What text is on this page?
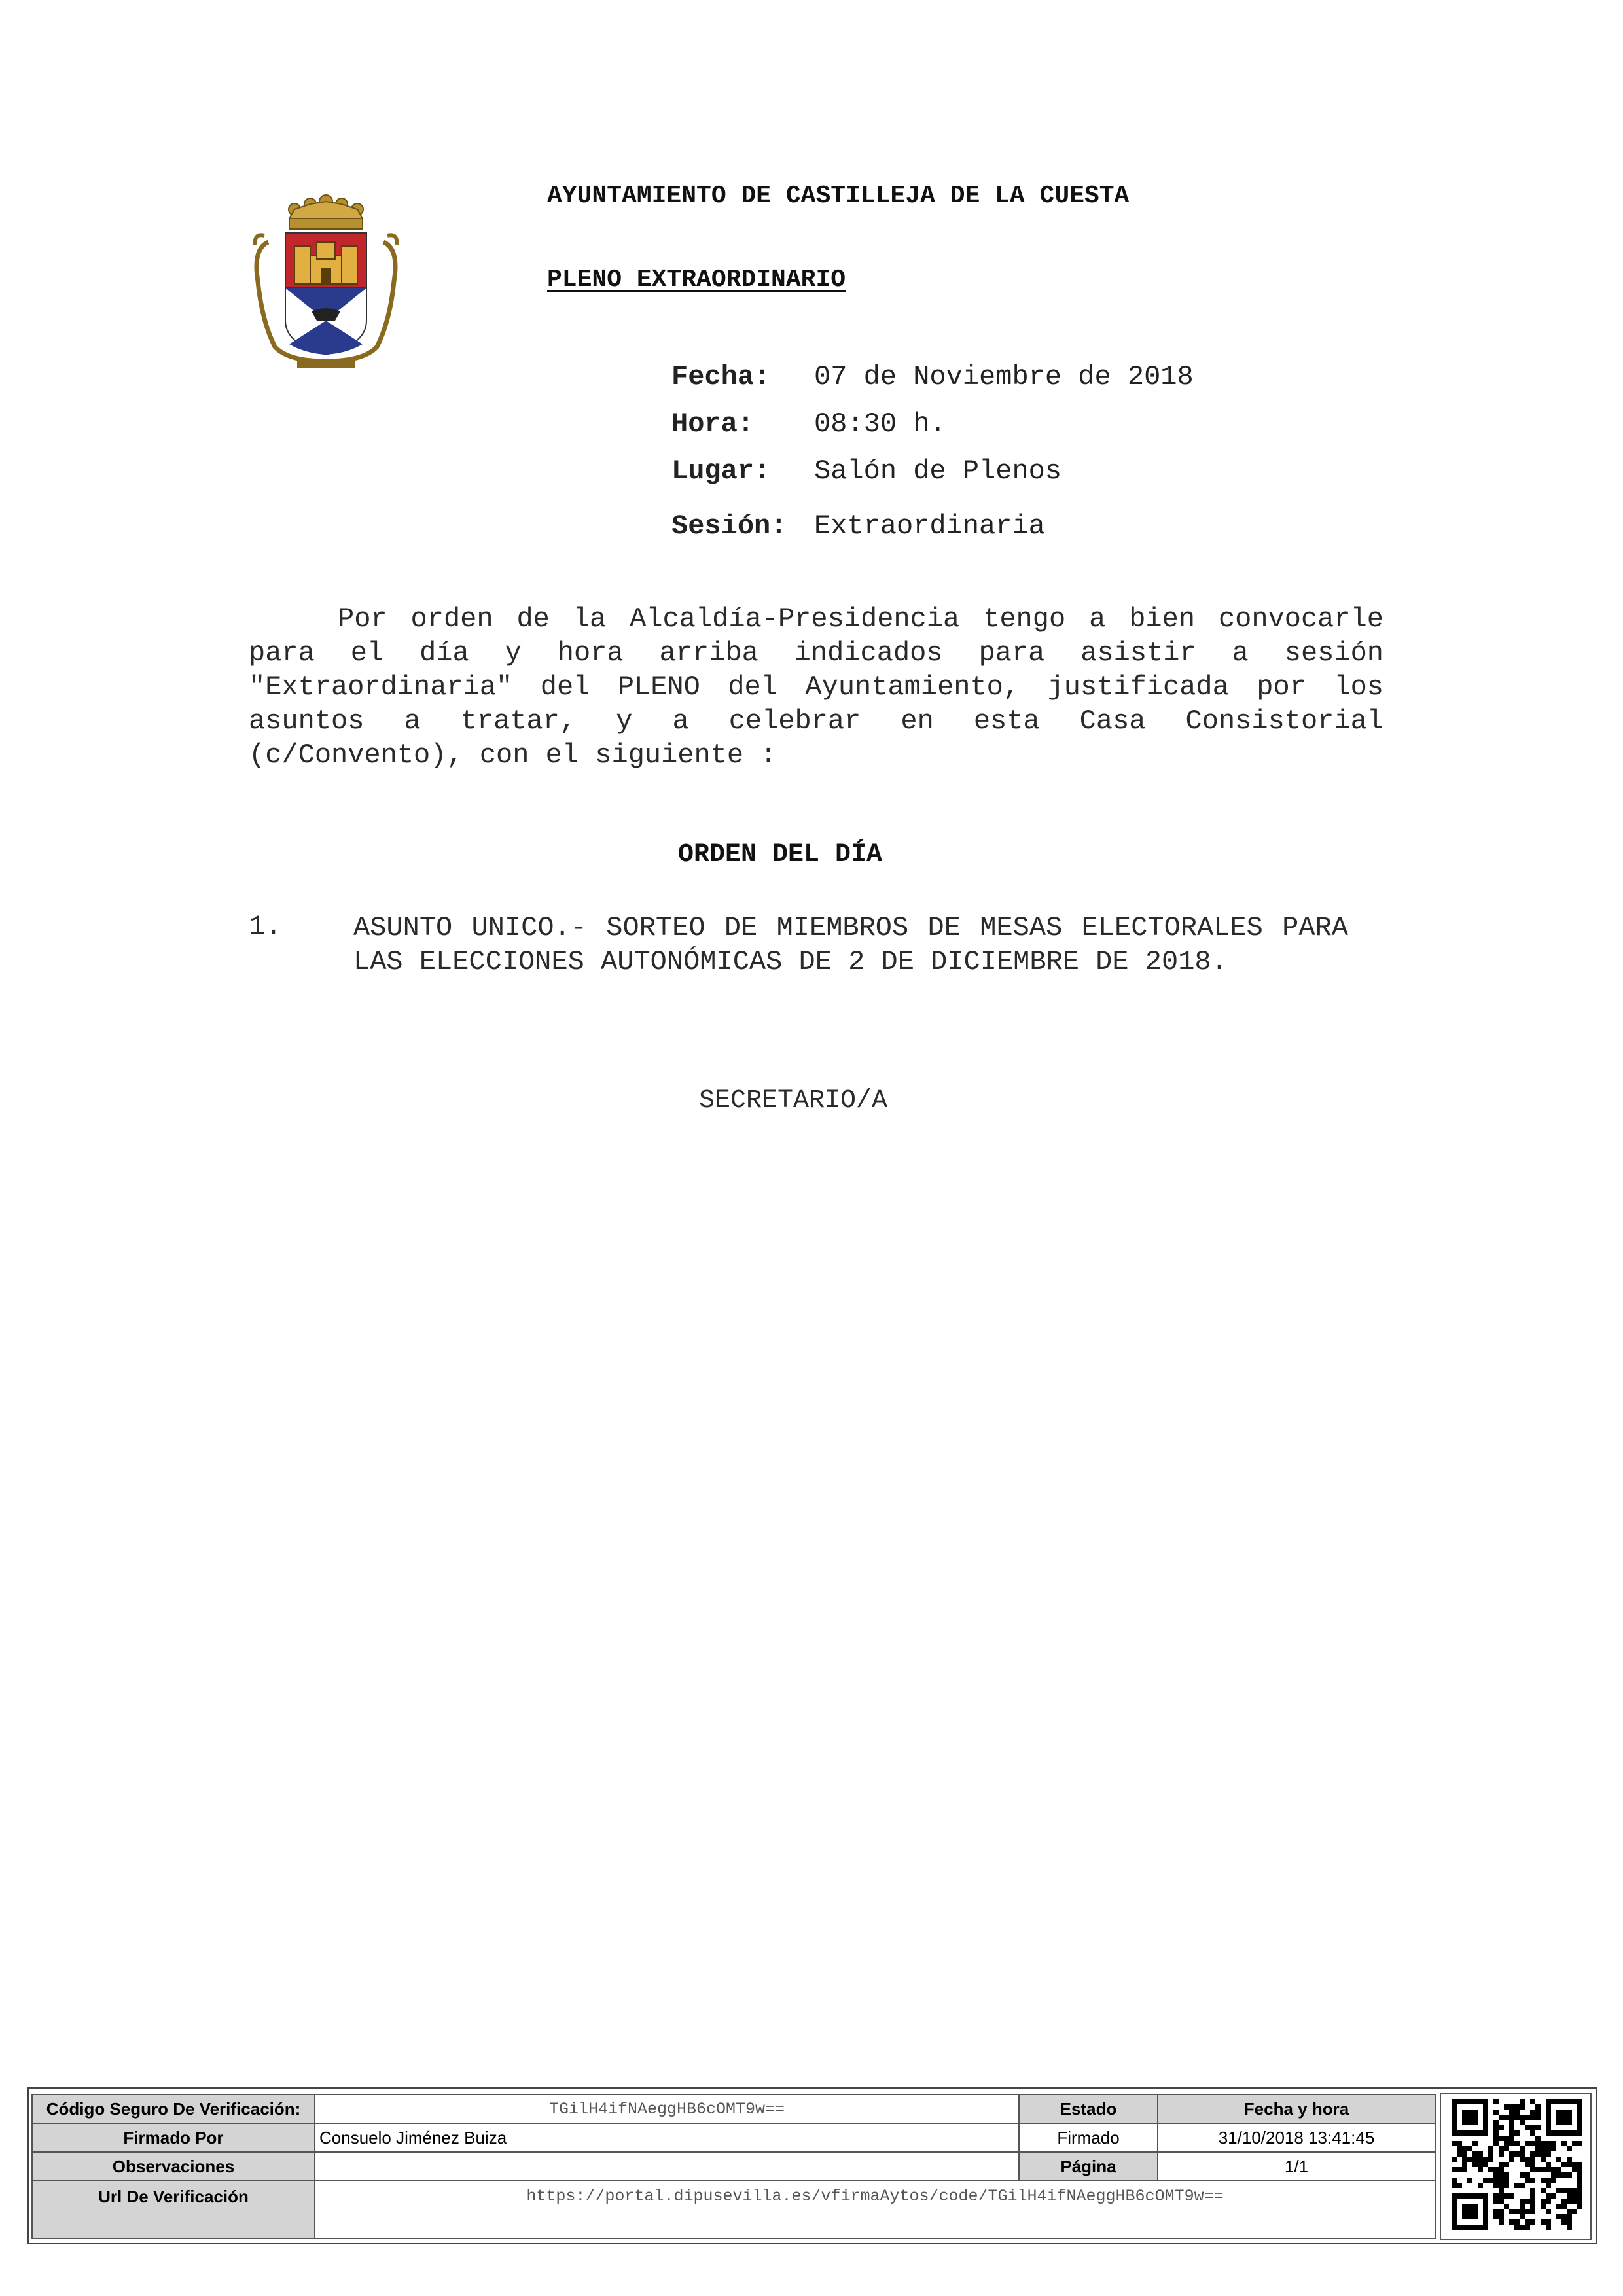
AYUNTAMIENTO DE CASTILLEJA DE LA CUESTA
PLENO EXTRAORDINARIO
Fecha: 07 de Noviembre de 2018
Hora: 08:30 h.
Lugar: Salón de Plenos
Sesión: Extraordinaria
Por orden de la Alcaldía-Presidencia tengo a bien convocarle para el día y hora arriba indicados para asistir a sesión "Extraordinaria" del PLENO del Ayuntamiento, justificada por los asuntos a tratar, y a celebrar en esta Casa Consistorial (c/Convento), con el siguiente :
ORDEN DEL DÍA
1.	ASUNTO UNICO.- SORTEO DE MIEMBROS DE MESAS ELECTORALES PARA LAS ELECCIONES AUTONÓMICAS DE 2 DE DICIEMBRE DE 2018.
SECRETARIO/A
Código Seguro De Verificación:	TGilH4ifNAeggHB6cOMT9w==	Estado	Fecha y hora
Firmado Por	Consuelo Jiménez Buiza	Firmado	31/10/2018 13:41:45
Observaciones		Página	1/1
Url De Verificación	https://portal.dipusevilla.es/vfirmaAytos/code/TGilH4ifNAeggHB6cOMT9w==		
